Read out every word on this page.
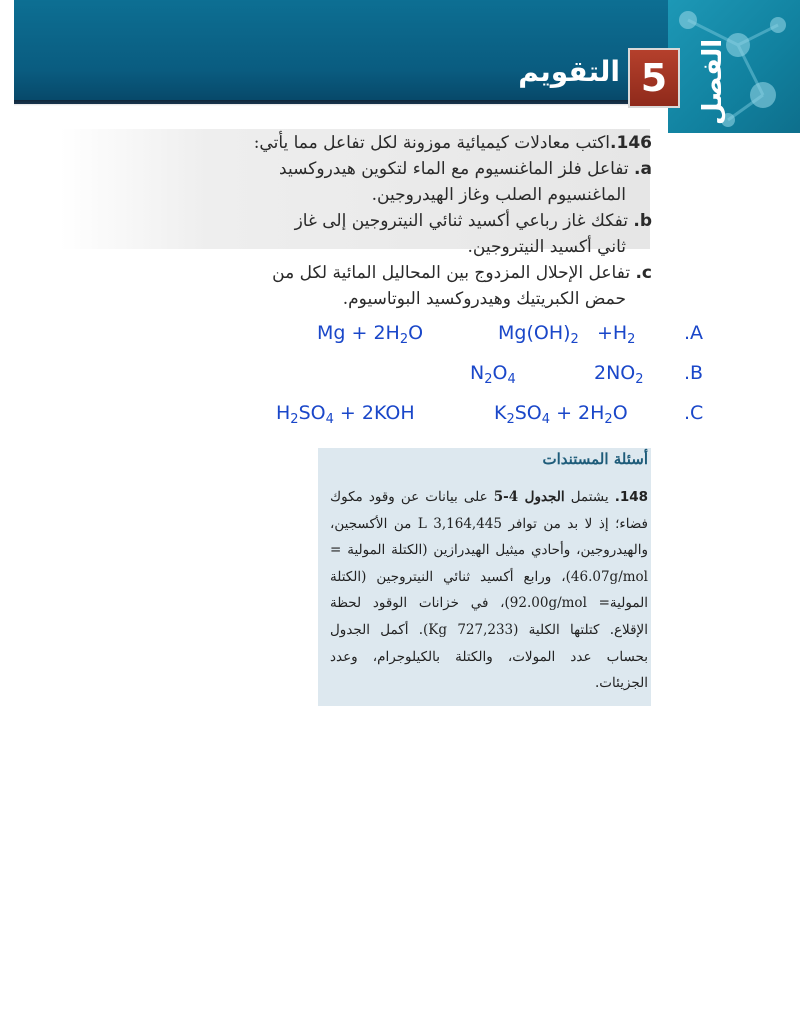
الفصل
5
التقويم
146.اكتب معادلات كيميائية موزونة لكل تفاعل مما يأتي:
a. تفاعل فلز الماغنسيوم مع الماء لتكوين هيدروكسيد
الماغنسيوم الصلب وغاز الهيدروجين.
b. تفكك غاز رباعي أكسيد ثنائي النيتروجين إلى غاز
ثاني أكسيد النيتروجين.
c. تفاعل الإحلال المزدوج بين المحاليل المائية لكل من
حمض الكبريتيك وهيدروكسيد البوتاسيوم.
$Mg + 2H_2O$	$Mg(OH)_2 +H_2$	.A
$N_2O_4$	$2NO_2$ .B
$H_2SO_4 + 2KOH$	$K_2SO_4 + 2H_2O$	.C
أسئلة المستندات
148. يشتمل الجدول 4-5 على بيانات عن وقود مكوك فضاء؛ إذ لا بد من توافر 3,164,445 L من الأكسجين، والهيدروجين، وأحادي ميثيل الهيدرازين (الكتلة المولية = 46.07g/mol)، ورابع أكسيد ثنائي النيتروجين (الكتلة المولية= 92.00g/mol)، في خزانات الوقود لحظة الإقلاع. كتلتها الكلية (727,233 Kg). أكمل الجدول بحساب عدد المولات، والكتلة بالكيلوجرام، وعدد الجزيئات.
